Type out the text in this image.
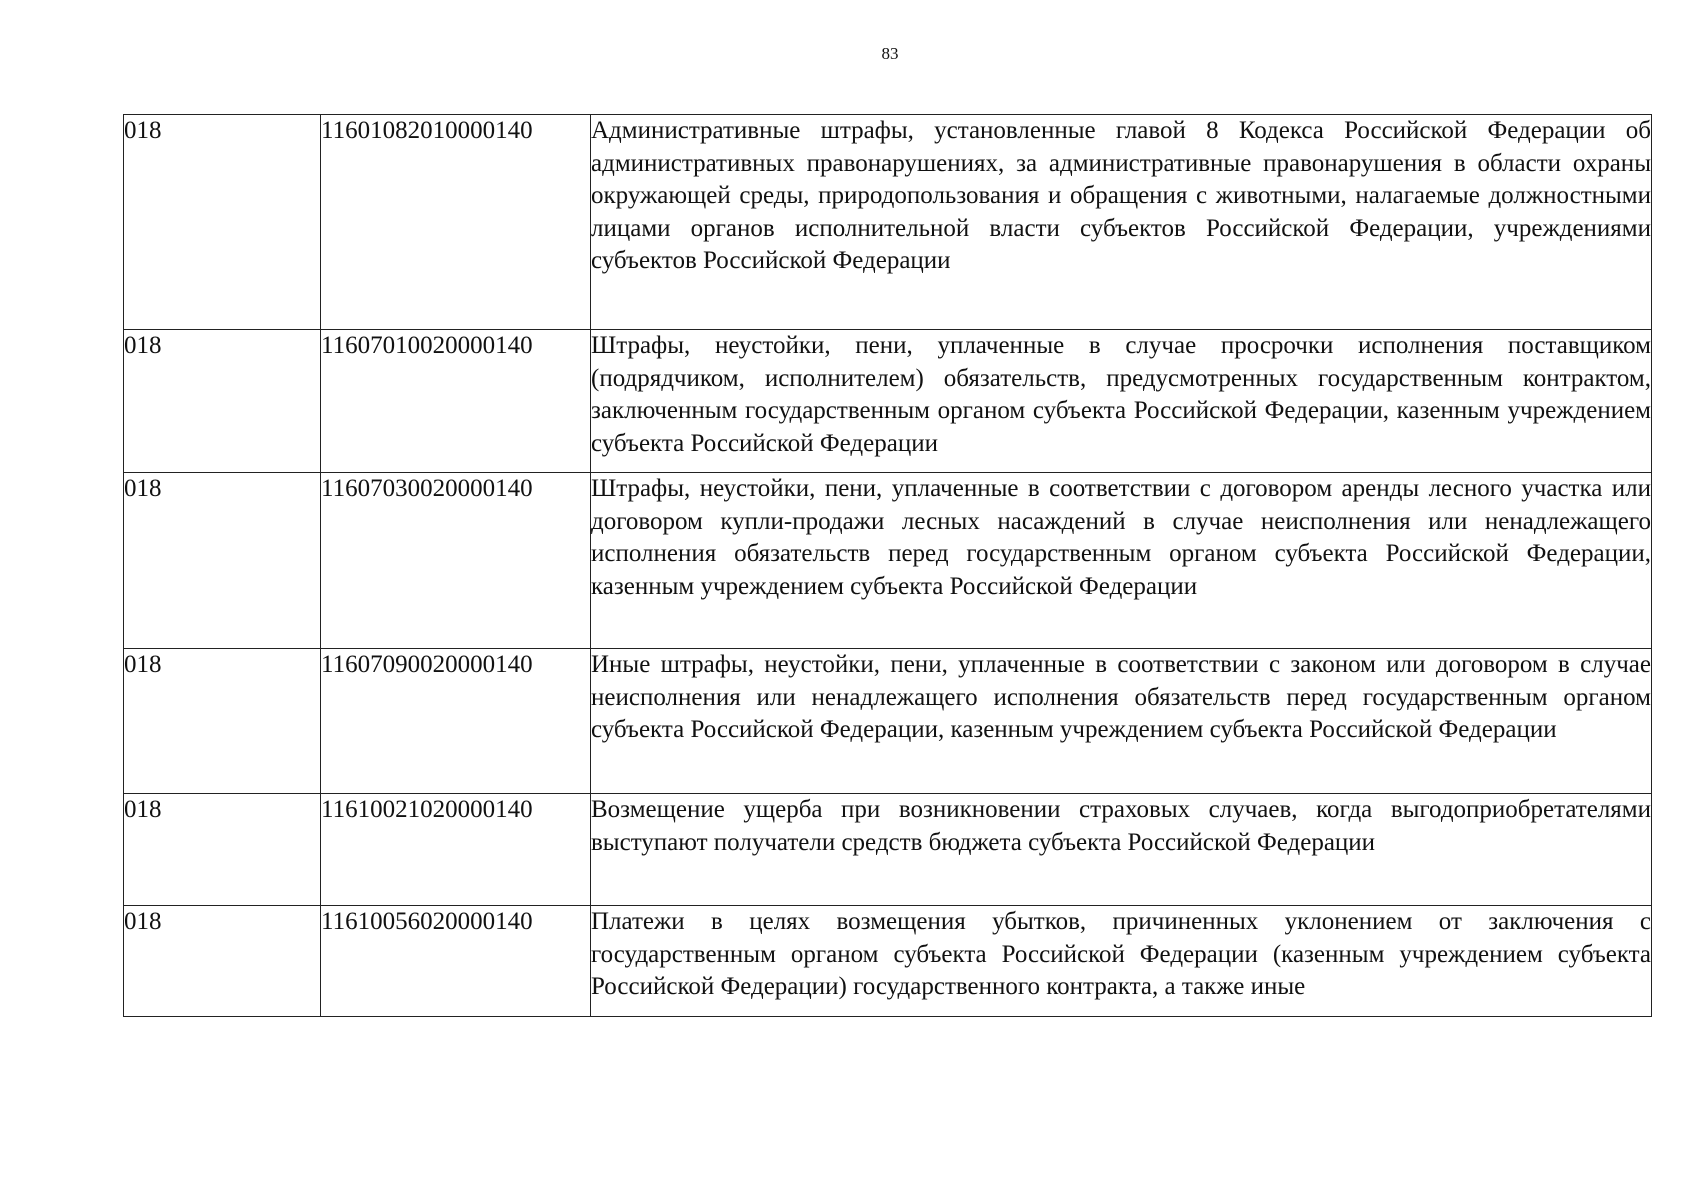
83
018	11601082010000140	Административные штрафы, установленные главой 8 Кодекса Российской Федерации об административных правонарушениях, за административные правонарушения в области охраны окружающей среды, природопользования и обращения с животными, налагаемые должностными лицами органов исполнительной власти субъектов Российской Федерации, учреждениями субъектов Российской Федерации
018	11607010020000140	Штрафы, неустойки, пени, уплаченные в случае просрочки исполнения поставщиком (подрядчиком, исполнителем) обязательств, предусмотренных государственным контрактом, заключенным государственным органом субъекта Российской Федерации, казенным учреждением субъекта Российской Федерации
018	11607030020000140	Штрафы, неустойки, пени, уплаченные в соответствии с договором аренды лесного участка или договором купли-продажи лесных насаждений в случае неисполнения или ненадлежащего исполнения обязательств перед государственным органом субъекта Российской Федерации, казенным учреждением субъекта Российской Федерации
018	11607090020000140	Иные штрафы, неустойки, пени, уплаченные в соответствии с законом или договором в случае неисполнения или ненадлежащего исполнения обязательств перед государственным органом субъекта Российской Федерации, казенным учреждением субъекта Российской Федерации
018	11610021020000140	Возмещение ущерба при возникновении страховых случаев, когда выгодоприобретателями выступают получатели средств бюджета субъекта Российской Федерации
018	11610056020000140	Платежи в целях возмещения убытков, причиненных уклонением от заключения с государственным органом субъекта Российской Федерации (казенным учреждением субъекта Российской Федерации) государственного контракта, а также иные
